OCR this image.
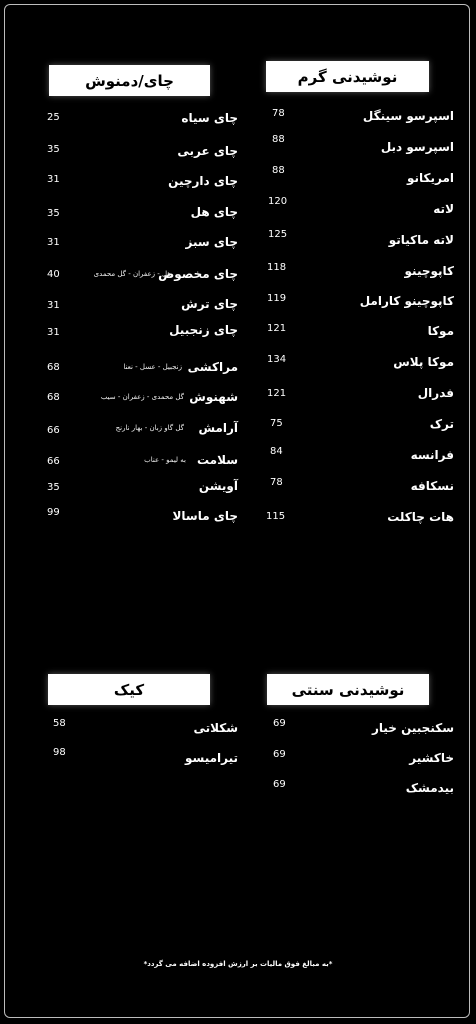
نوشیدنی گرم
اسپرسو سینگل
78
اسپرسو دبل
88
امریکانو
88
لاته
120
لاته ماکیاتو
125
کاپوچینو
118
کاپوچینو کارامل
119
موکا
121
موکا پلاس
134
فدرال
121
ترک
75
فرانسه
84
نسکافه
78
هات چاکلت
115
چای/دمنوش
چای سیاه
25
چای عربی
35
چای دارچین
31
چای هل
35
چای سبز
31
چای مخصوص
هل - زعفران - گل محمدی
40
چای ترش
31
چای زنجبیل
31
مراکشی
زنجبیل - عسل - نعنا
68
شهنوش
گل محمدی - زعفران - سیب
68
آرامش
گل گاو زبان - بهار نارنج
66
سلامت
به لیمو - عناب
66
آویشن
35
چای ماسالا
99
نوشیدنی سنتی
سکنجبین خیار
69
خاکشیر
69
بیدمشک
69
کیک
شکلاتی
58
تیرامیسو
98
*به مبالغ فوق مالیات بر ارزش افزوده اضافه می گردد*
